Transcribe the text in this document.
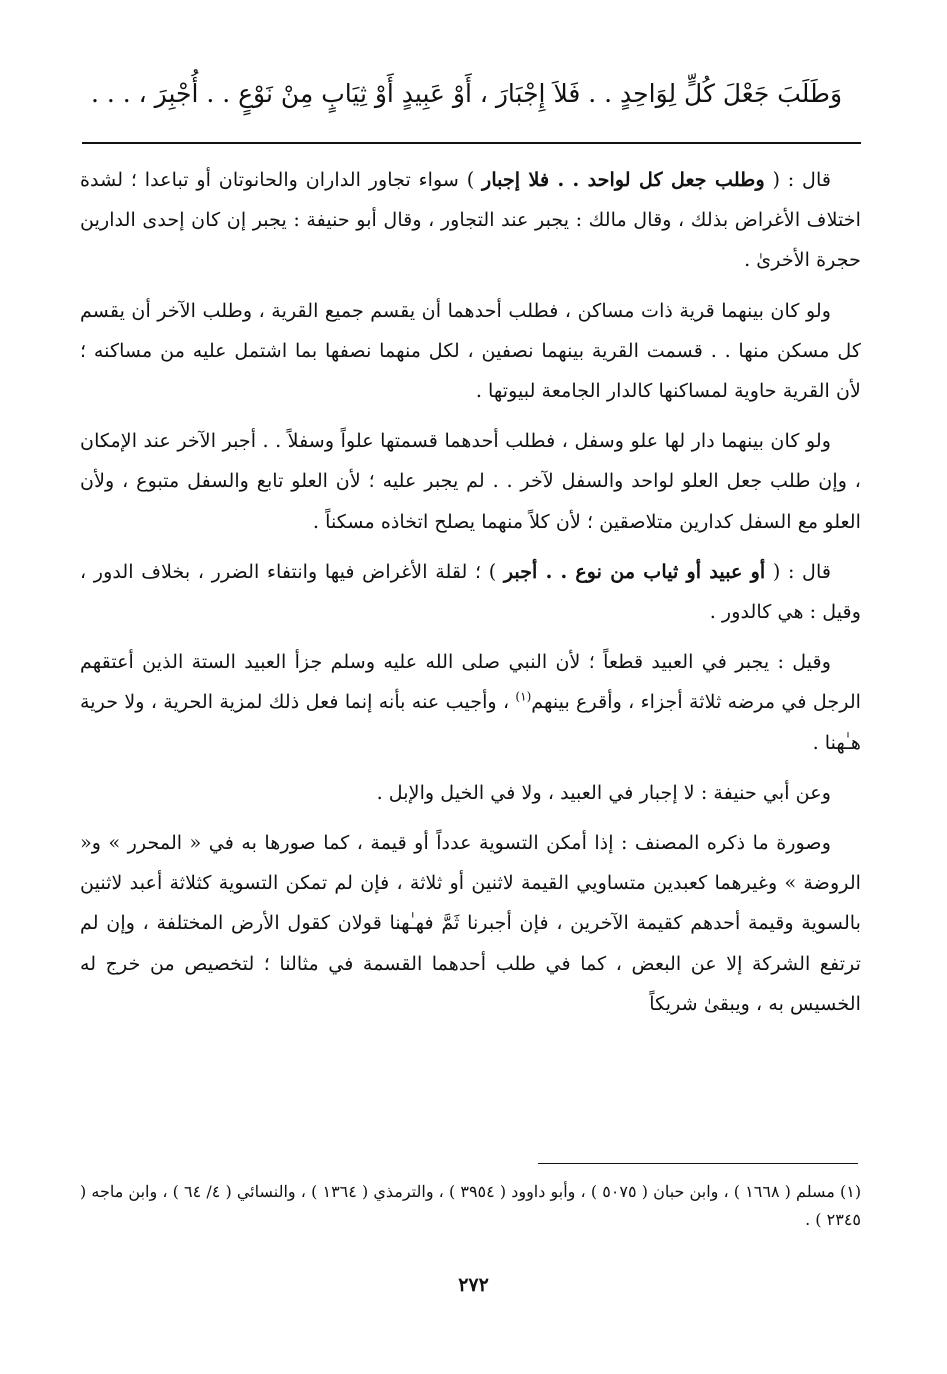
وَطَلَبَ جَعْلَ كُلٍّ لِوَاحِدٍ . . فَلاَ إِجْبَارَ ، أَوْ عَبِيدٍ أَوْ ثِيَابٍ مِنْ نَوْعٍ . . أُجْبِرَ ، . . .

قال : ( وطلب جعل كل لواحد . . فلا إجبار ) سواء تجاور الداران والحانوتان أو تباعدا ؛ لشدة اختلاف الأغراض بذلك ، وقال مالك : يجبر عند التجاور ، وقال أبو حنيفة : يجبر إن كان إحدى الدارين حجرة الأخرىٰ .

ولو كان بينهما قرية ذات مساكن ، فطلب أحدهما أن يقسم جميع القرية ، وطلب الآخر أن يقسم كل مسكن منها . . قسمت القرية بينهما نصفين ، لكل منهما نصفها بما اشتمل عليه من مساكنه ؛ لأن القرية حاوية لمساكنها كالدار الجامعة لبيوتها .

ولو كان بينهما دار لها علو وسفل ، فطلب أحدهما قسمتها علواً وسفلاً . . أجبر الآخر عند الإمكان ، وإن طلب جعل العلو لواحد والسفل لآخر . . لم يجبر عليه ؛ لأن العلو تابع والسفل متبوع ، ولأن العلو مع السفل كدارين متلاصقين ؛ لأن كلاً منهما يصلح اتخاذه مسكناً .

قال : ( أو عبيد أو ثياب من نوع . . أجبر ) ؛ لقلة الأغراض فيها وانتفاء الضرر ، بخلاف الدور ، وقيل : هي كالدور .

وقيل : يجبر في العبيد قطعاً ؛ لأن النبي صلى الله عليه وسلم جزأ العبيد الستة الذين أعتقهم الرجل في مرضه ثلاثة أجزاء ، وأقرع بينهم$^{(١)}$ ، وأجيب عنه بأنه إنما فعل ذلك لمزية الحرية ، ولا حرية هـٰهنا .

وعن أبي حنيفة : لا إجبار في العبيد ، ولا في الخيل والإبل .

وصورة ما ذكره المصنف : إذا أمكن التسوية عدداً أو قيمة ، كما صورها به في « المحرر » و« الروضة » وغيرهما كعبدين متساويي القيمة لاثنين أو ثلاثة ، فإن لم تمكن التسوية كثلاثة أعبد لاثنين بالسوية وقيمة أحدهم كقيمة الآخرين ، فإن أجبرنا ثَمَّ فهـٰهنا قولان كقول الأرض المختلفة ، وإن لم ترتفع الشركة إلا عن البعض ، كما في طلب أحدهما القسمة في مثالنا ؛ لتخصيص من خرج له الخسيس به ، ويبقىٰ شريكاً

(١) مسلم ( ١٦٦٨ ) ، وابن حبان ( ٥٠٧٥ ) ، وأبو داوود ( ٣٩٥٤ ) ، والترمذي ( ١٣٦٤ ) ، والنسائي ( ٤/ ٦٤ ) ، وابن ماجه ( ٢٣٤٥ ) .

٢٧٢
